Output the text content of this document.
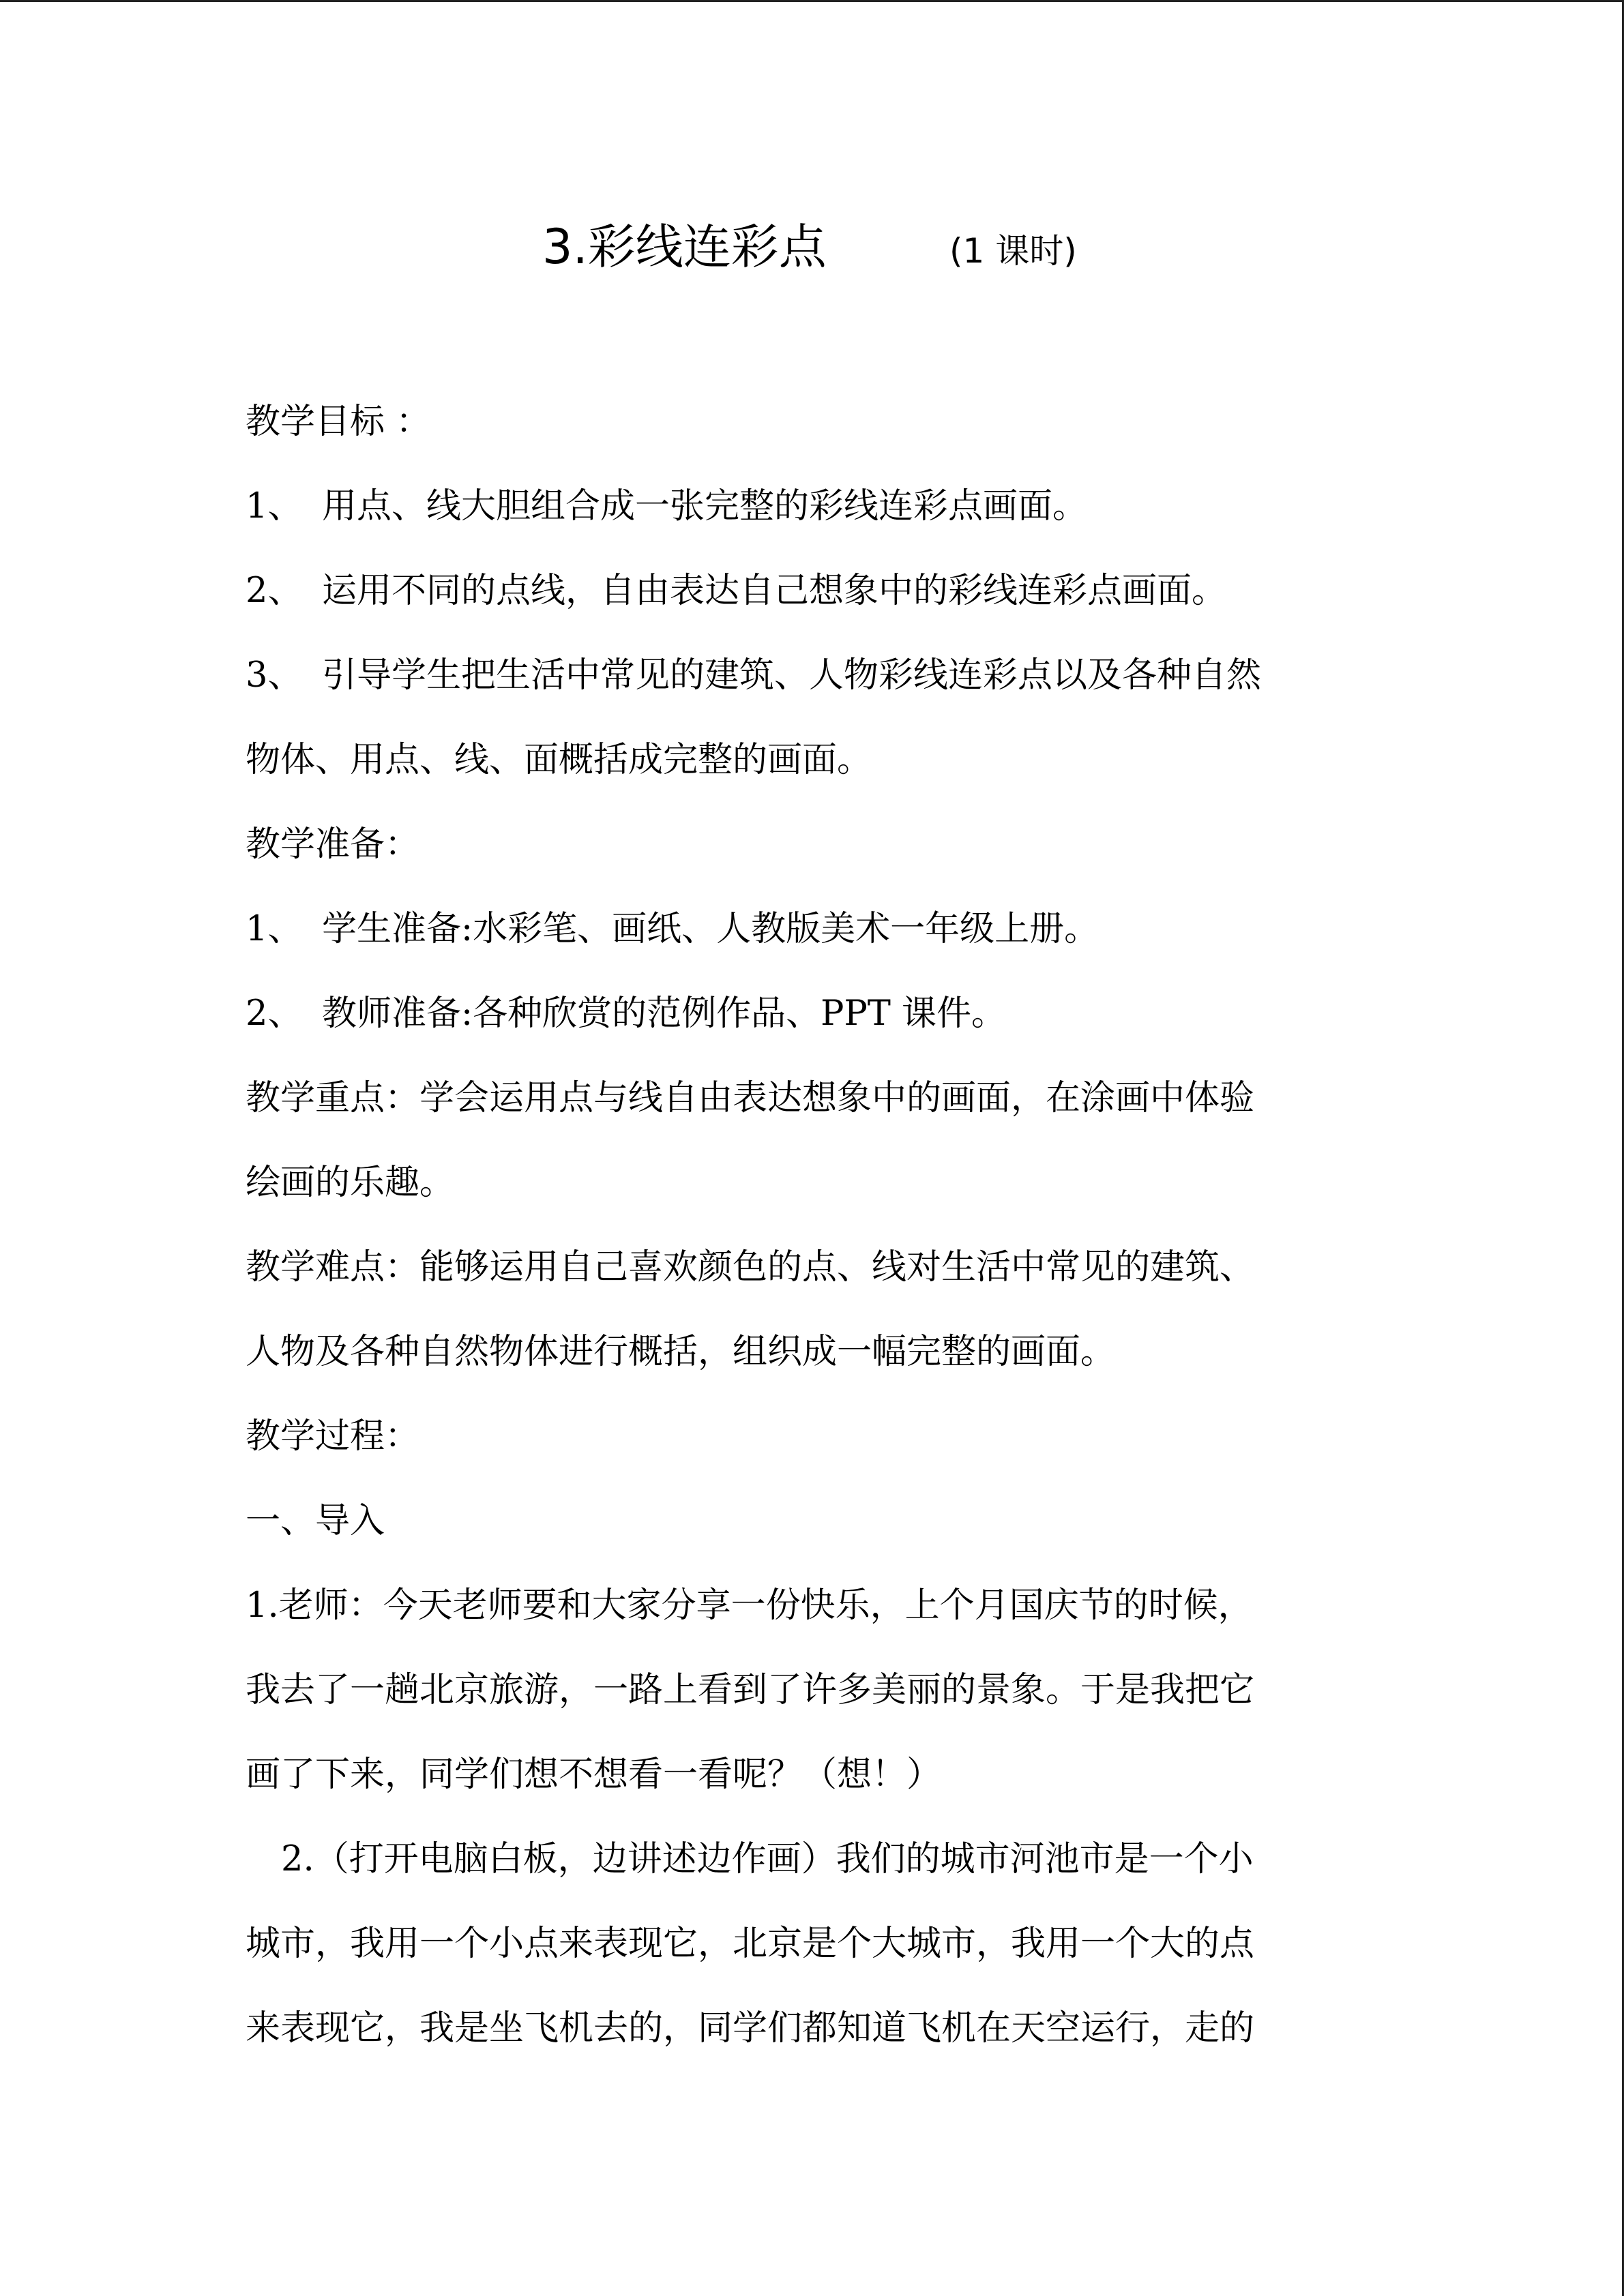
3.彩线连彩点	(1 课时)
教学目标 ：
1、 用点、线大胆组合成一张完整的彩线连彩点画面。
2、 运用不同的点线，自由表达自己想象中的彩线连彩点画面。
3、 引导学生把生活中常见的建筑、人物彩线连彩点以及各种自然
物体、用点、线、面概括成完整的画面。
教学准备：
1、 学生准备:水彩笔、画纸、人教版美术一年级上册。
2、 教师准备:各种欣赏的范例作品、PPT 课件。
教学重点：学会运用点与线自由表达想象中的画面，在涂画中体验
绘画的乐趣。
教学难点：能够运用自己喜欢颜色的点、线对生活中常见的建筑、
人物及各种自然物体进行概括，组织成一幅完整的画面。
教学过程：
一、导入
1.老师：今天老师要和大家分享一份快乐，上个月国庆节的时候，
我去了一趟北京旅游，一路上看到了许多美丽的景象。于是我把它
画了下来，同学们想不想看一看呢？（想！）
2.（打开电脑白板，边讲述边作画）我们的城市河池市是一个小
城市，我用一个小点来表现它，北京是个大城市，我用一个大的点
来表现它，我是坐飞机去的，同学们都知道飞机在天空运行，走的
